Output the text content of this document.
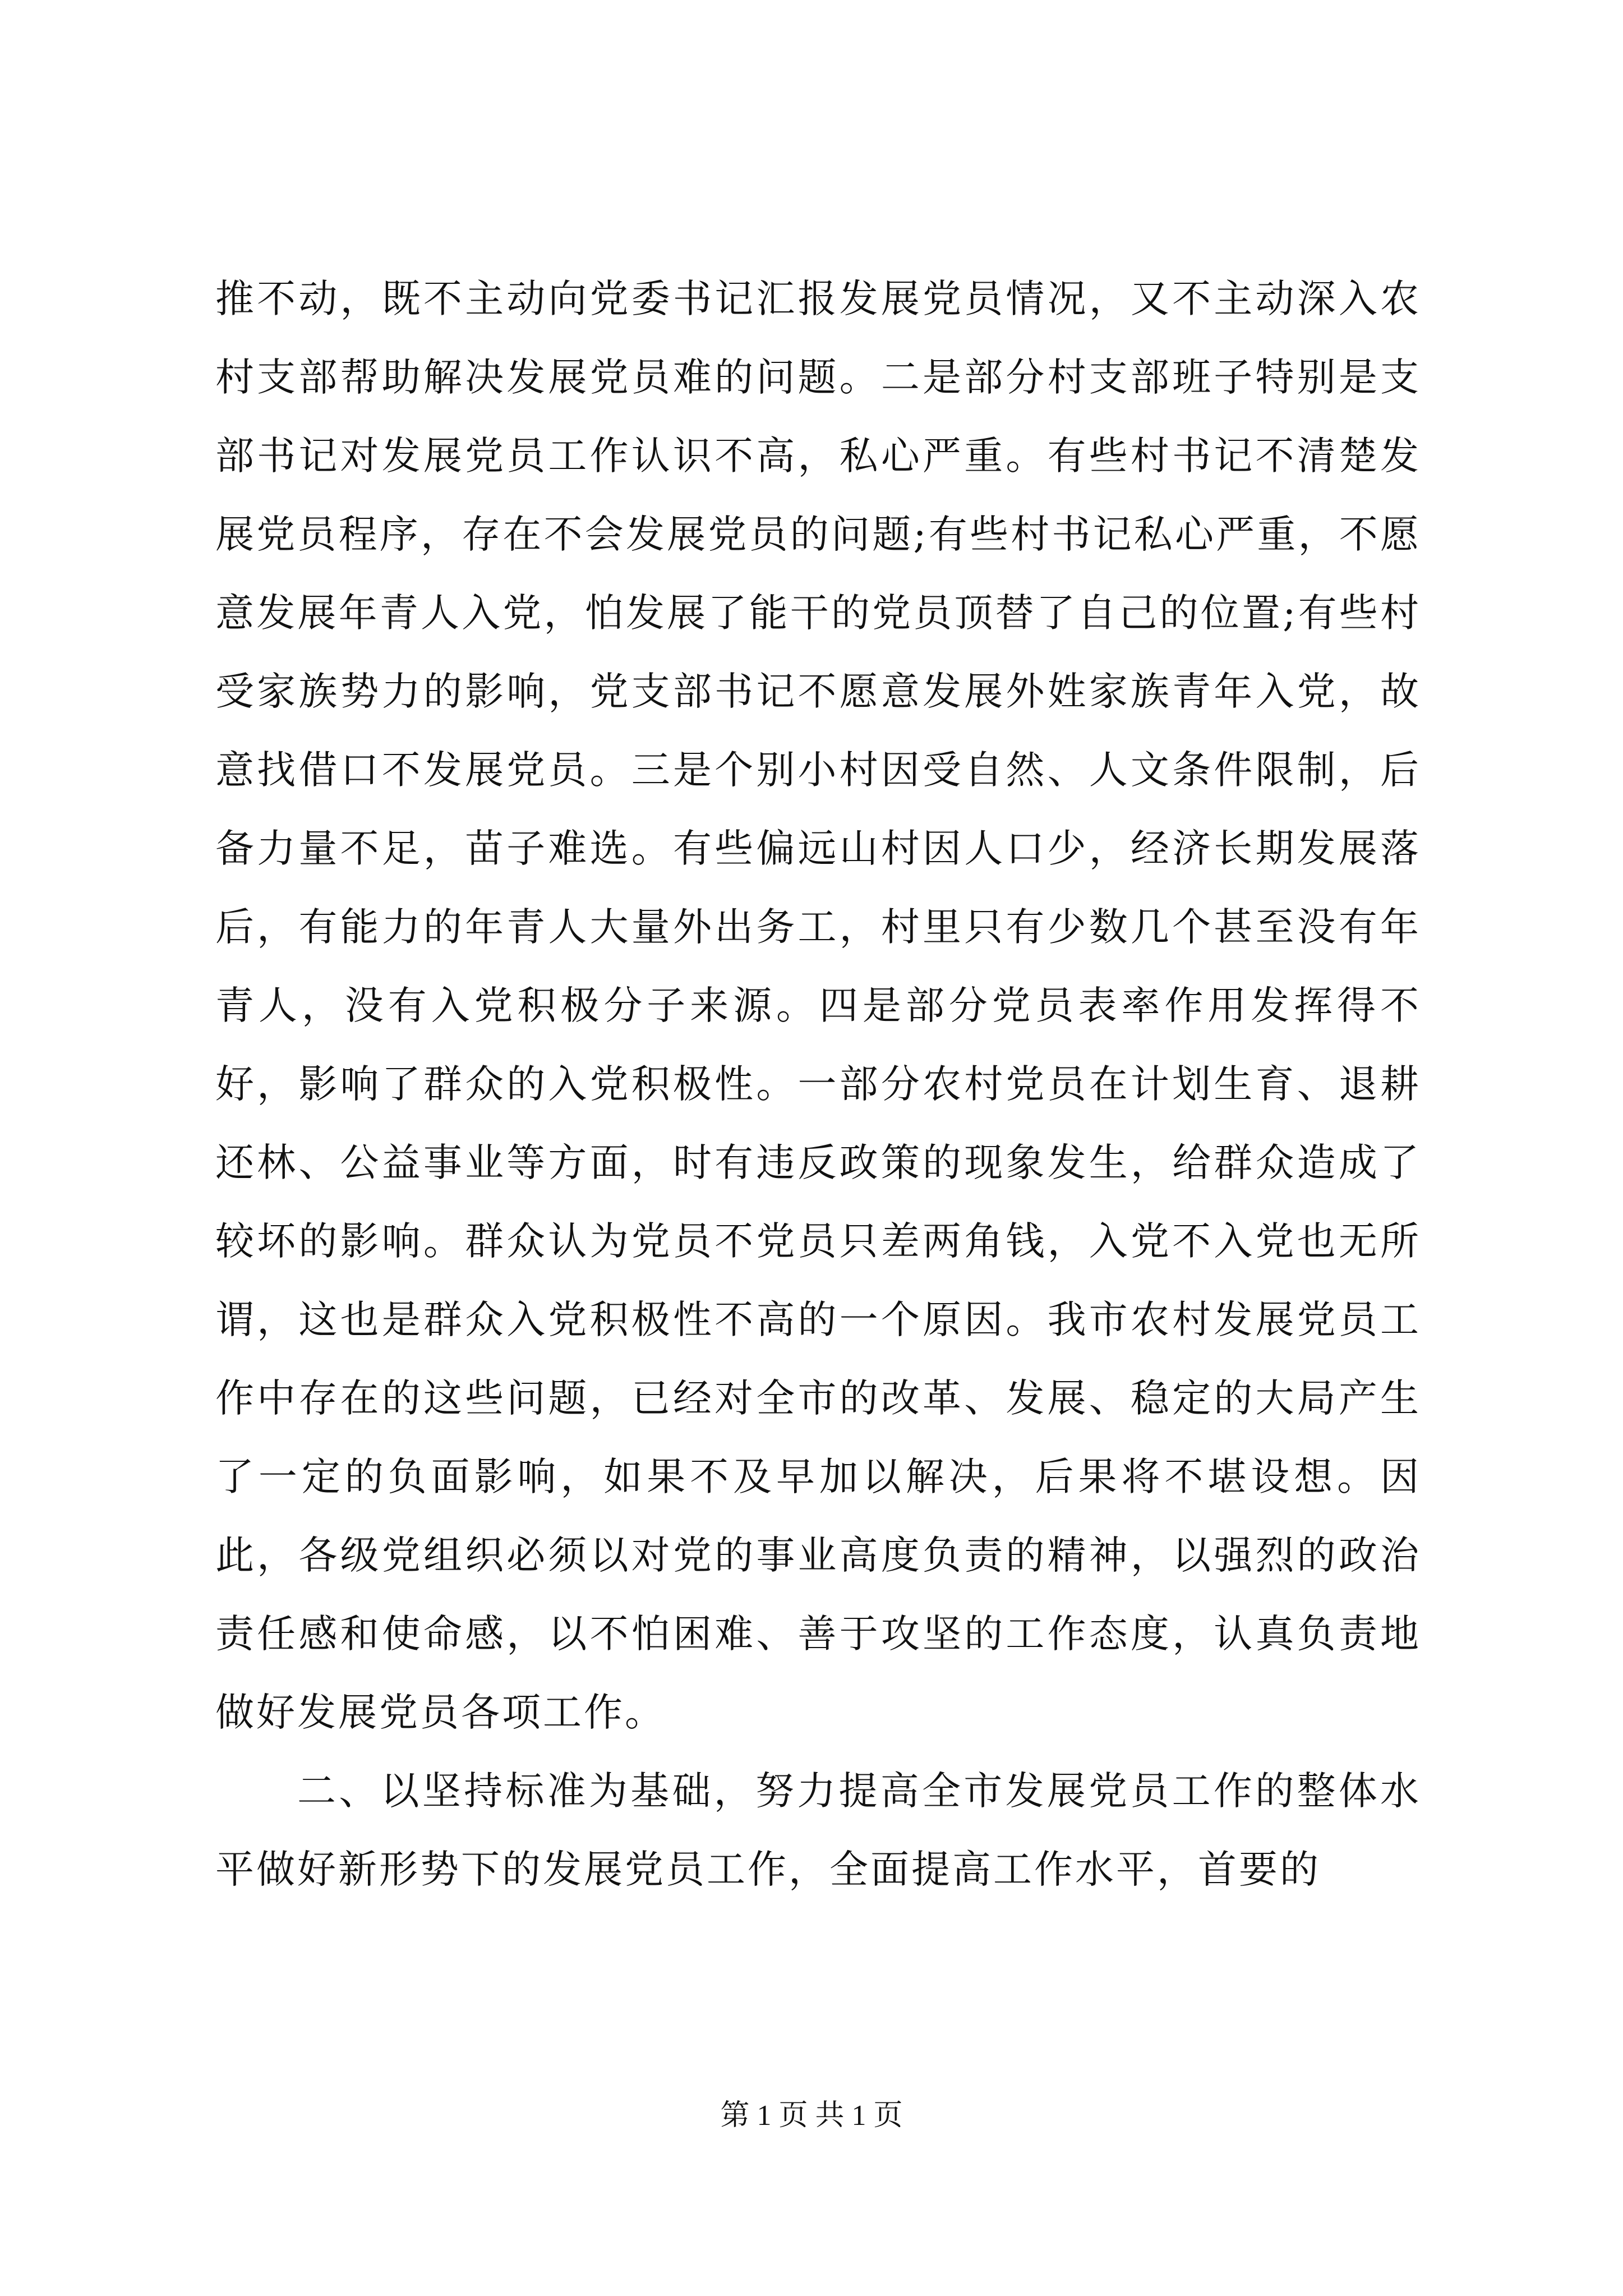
推不动，既不主动向党委书记汇报发展党员情况，又不主动深入农村支部帮助解决发展党员难的问题。二是部分村支部班子特别是支部书记对发展党员工作认识不高，私心严重。有些村书记不清楚发展党员程序，存在不会发展党员的问题;有些村书记私心严重，不愿意发展年青人入党，怕发展了能干的党员顶替了自己的位置;有些村受家族势力的影响，党支部书记不愿意发展外姓家族青年入党，故意找借口不发展党员。三是个别小村因受自然、人文条件限制，后备力量不足，苗子难选。有些偏远山村因人口少，经济长期发展落后，有能力的年青人大量外出务工，村里只有少数几个甚至没有年青人，没有入党积极分子来源。四是部分党员表率作用发挥得不好，影响了群众的入党积极性。一部分农村党员在计划生育、退耕还林、公益事业等方面，时有违反政策的现象发生，给群众造成了较坏的影响。群众认为党员不党员只差两角钱，入党不入党也无所谓，这也是群众入党积极性不高的一个原因。我市农村发展党员工作中存在的这些问题，已经对全市的改革、发展、稳定的大局产生了一定的负面影响，如果不及早加以解决，后果将不堪设想。因此，各级党组织必须以对党的事业高度负责的精神，以强烈的政治责任感和使命感，以不怕困难、善于攻坚的工作态度，认真负责地做好发展党员各项工作。

二、以坚持标准为基础，努力提高全市发展党员工作的整体水平做好新形势下的发展党员工作，全面提高工作水平，首要的

第 1 页 共 1 页
